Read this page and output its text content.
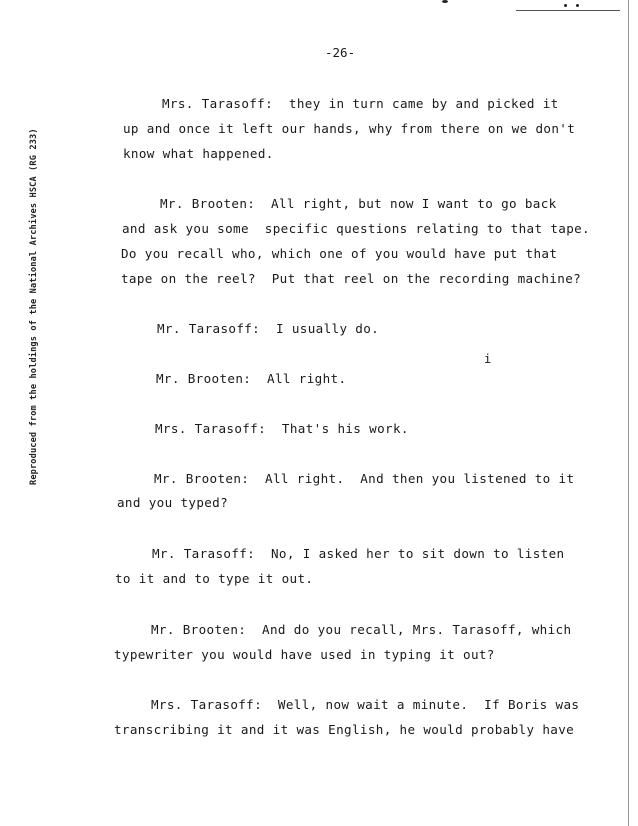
Reproduced from the holdings of the National Archives HSCA (RG 233)
-26-
Mrs. Tarasoff:  they in turn came by and picked it
up and once it left our hands, why from there on we don't
know what happened.
Mr. Brooten:  All right, but now I want to go back
and ask you some  specific questions relating to that tape.
Do you recall who, which one of you would have put that
tape on the reel?  Put that reel on the recording machine?
Mr. Tarasoff:  I usually do.
i
Mr. Brooten:  All right.
Mrs. Tarasoff:  That's his work.
Mr. Brooten:  All right.  And then you listened to it
and you typed?
Mr. Tarasoff:  No, I asked her to sit down to listen
to it and to type it out.
Mr. Brooten:  And do you recall, Mrs. Tarasoff, which
typewriter you would have used in typing it out?
Mrs. Tarasoff:  Well, now wait a minute.  If Boris was
transcribing it and it was English, he would probably have
